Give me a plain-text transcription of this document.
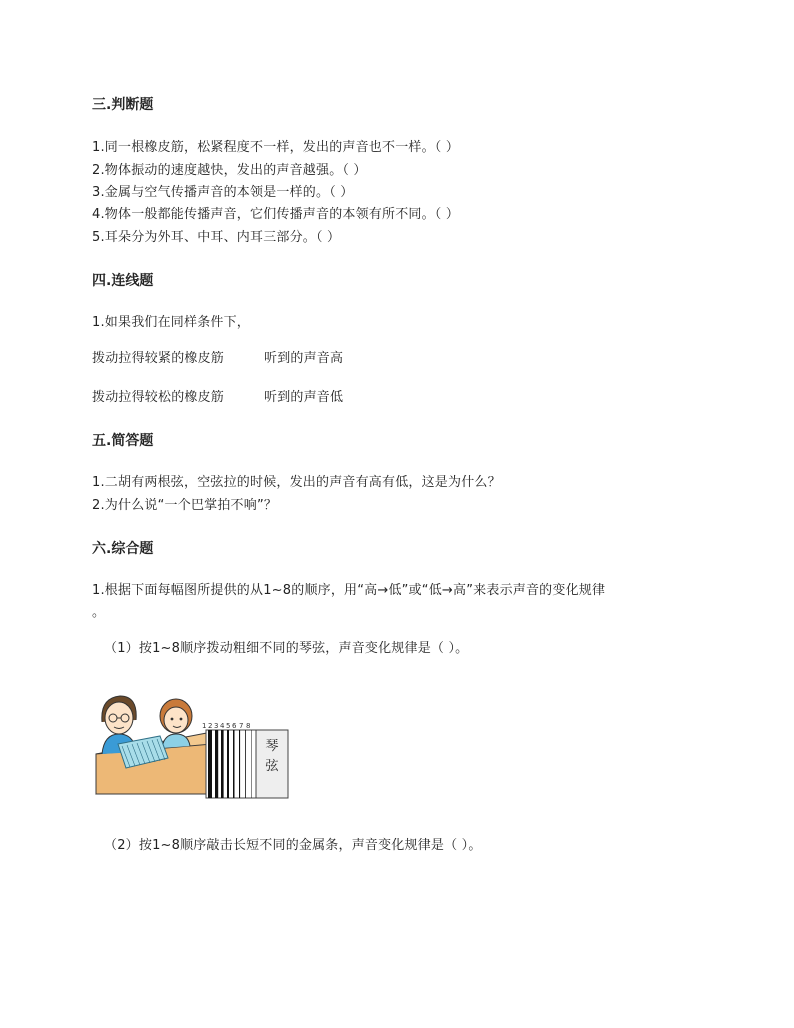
三.判断题
1.同一根橡皮筋，松紧程度不一样，发出的声音也不一样。（ ）
2.物体振动的速度越快，发出的声音越强。（ ）
3.金属与空气传播声音的本领是一样的。（ ）
4.物体一般都能传播声音，它们传播声音的本领有所不同。（ ）
5.耳朵分为外耳、中耳、内耳三部分。（ ）
四.连线题
1.如果我们在同样条件下，
拨动拉得较紧的橡皮筋	听到的声音高
拨动拉得较松的橡皮筋	听到的声音低
五.简答题
1.二胡有两根弦，空弦拉的时候，发出的声音有高有低，这是为什么？
2.为什么说“一个巴掌拍不响”？
六.综合题
1.根据下面每幅图所提供的从1~8的顺序，用“高→低”或“低→高”来表示声音的变化规律
。
（1）按1~8顺序拨动粗细不同的琴弦，声音变化规律是（ ）。
1 2 3 4 5 6 7 8
琴
弦
（2）按1~8顺序敲击长短不同的金属条，声音变化规律是（ ）。
